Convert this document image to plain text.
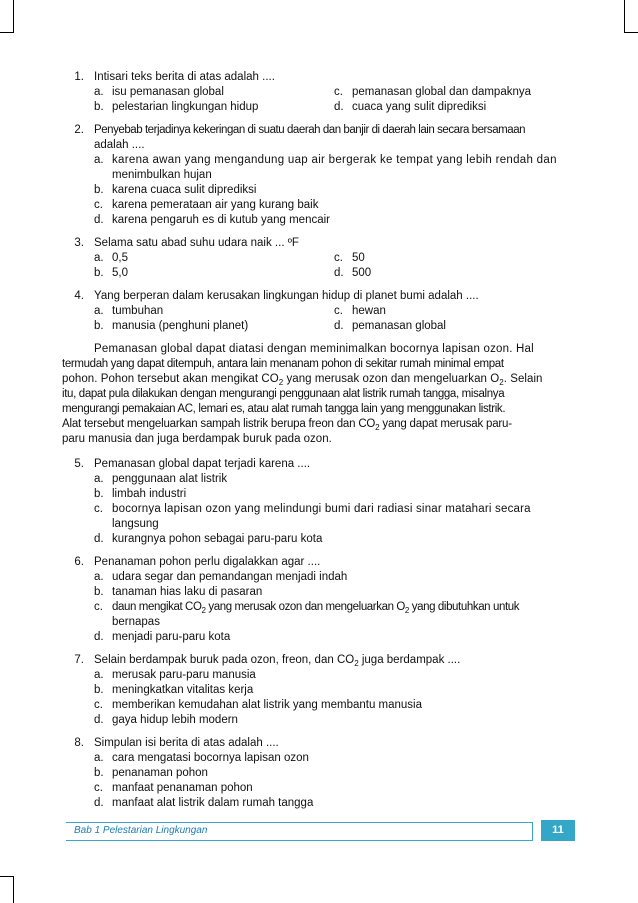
1. Intisari teks berita di atas adalah ....
a. isu pemanasan global	c. pemanasan global dan dampaknya
b. pelestarian lingkungan hidup	d. cuaca yang sulit diprediksi
2. Penyebab terjadinya kekeringan di suatu daerah dan banjir di daerah lain secara bersamaan
adalah ....
a. karena awan yang mengandung uap air bergerak ke tempat yang lebih rendah dan
menimbulkan hujan
b. karena cuaca sulit diprediksi
c. karena pemerataan air yang kurang baik
d. karena pengaruh es di kutub yang mencair
3. Selama satu abad suhu udara naik ... ºF
a. 0,5	c. 50
b. 5,0	d. 500
4. Yang berperan dalam kerusakan lingkungan hidup di planet bumi adalah ....
a. tumbuhan	c. hewan
b. manusia (penghuni planet)	d. pemanasan global
Pemanasan global dapat diatasi dengan meminimalkan bocornya lapisan ozon. Hal
termudah yang dapat ditempuh, antara lain menanam pohon di sekitar rumah minimal empat
pohon. Pohon tersebut akan mengikat $CO_2$ yang merusak ozon dan mengeluarkan $O_2$. Selain
itu, dapat pula dilakukan dengan mengurangi penggunaan alat listrik rumah tangga, misalnya
mengurangi pemakaian AC, lemari es, atau alat rumah tangga lain yang menggunakan listrik.
Alat tersebut mengeluarkan sampah listrik berupa freon dan $CO_2$ yang dapat merusak paru-
paru manusia dan juga berdampak buruk pada ozon.
5. Pemanasan global dapat terjadi karena ....
a. penggunaan alat listrik
b. limbah industri
c. bocornya lapisan ozon yang melindungi bumi dari radiasi sinar matahari secara
langsung
d. kurangnya pohon sebagai paru-paru kota
6. Penanaman pohon perlu digalakkan agar ....
a. udara segar dan pemandangan menjadi indah
b. tanaman hias laku di pasaran
c. daun mengikat $CO_2$ yang merusak ozon dan mengeluarkan $O_2$ yang dibutuhkan untuk
bernapas
d. menjadi paru-paru kota
7. Selain berdampak buruk pada ozon, freon, dan $CO_2$ juga berdampak ....
a. merusak paru-paru manusia
b. meningkatkan vitalitas kerja
c. memberikan kemudahan alat listrik yang membantu manusia
d. gaya hidup lebih modern
8. Simpulan isi berita di atas adalah ....
a. cara mengatasi bocornya lapisan ozon
b. penanaman pohon
c. manfaat penanaman pohon
d. manfaat alat listrik dalam rumah tangga
Bab 1 Pelestarian Lingkungan	11
